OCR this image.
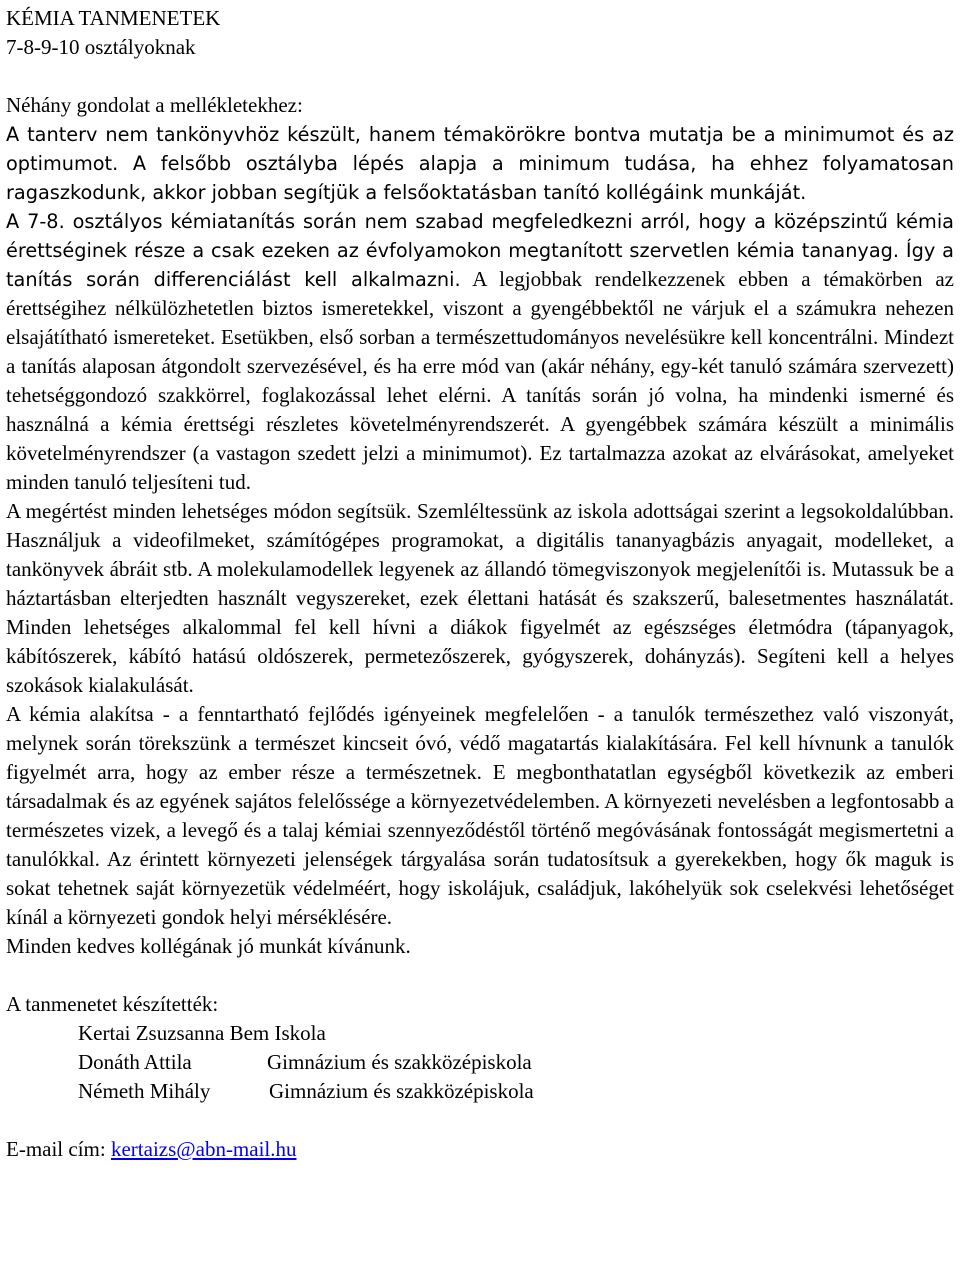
KÉMIA TANMENETEK
7-8-9-10 osztályoknak
Néhány gondolat a mellékletekhez:

A tanterv nem tankönyvhöz készült, hanem témakörökre bontva mutatja be a minimumot és az optimumot. A felsőbb osztályba lépés alapja a minimum tudása, ha ehhez folyamatosan ragaszkodunk, akkor jobban segítjük a felsőoktatásban tanító kollégáink munkáját.

A 7-8. osztályos kémiatanítás során nem szabad megfeledkezni arról, hogy a középszintű kémia érettséginek része a csak ezeken az évfolyamokon megtanított szervetlen kémia tananyag. Így a tanítás során differenciálást kell alkalmazni. A legjobbak rendelkezzenek ebben a témakörben az érettségihez nélkülözhetetlen biztos ismeretekkel, viszont a gyengébbektől ne várjuk el a számukra nehezen elsajátítható ismereteket. Esetükben, első sorban a természettudományos nevelésükre kell koncentrálni. Mindezt a tanítás alaposan átgondolt szervezésével, és ha erre mód van (akár néhány, egy-két tanuló számára szervezett) tehetséggondozó szakkörrel, foglakozással lehet elérni. A tanítás során jó volna, ha mindenki ismerné és használná a kémia érettségi részletes követelményrendszerét. A gyengébbek számára készült a minimális követelményrendszer (a vastagon szedett jelzi a minimumot). Ez tartalmazza azokat az elvárásokat, amelyeket minden tanuló teljesíteni tud.

A megértést minden lehetséges módon segítsük. Szemléltessünk az iskola adottságai szerint a legsokoldalúbban. Használjuk a videofilmeket, számítógépes programokat, a digitális tananyagbázis anyagait, modelleket, a tankönyvek ábráit stb. A molekulamodellek legyenek az állandó tömegviszonyok megjelenítői is. Mutassuk be a háztartásban elterjedten használt vegyszereket, ezek élettani hatását és szakszerű, balesetmentes használatát. Minden lehetséges alkalommal fel kell hívni a diákok figyelmét az egészséges életmódra (tápanyagok, kábítószerek, kábító hatású oldószerek, permetezőszerek, gyógyszerek, dohányzás). Segíteni kell a helyes szokások kialakulását.

A kémia alakítsa - a fenntartható fejlődés igényeinek megfelelően - a tanulók természethez való viszonyát, melynek során törekszünk a természet kincseit óvó, védő magatartás kialakítására. Fel kell hívnunk a tanulók figyelmét arra, hogy az ember része a természetnek. E megbonthatatlan egységből következik az emberi társadalmak és az egyének sajátos felelőssége a környezetvédelemben. A környezeti nevelésben a legfontosabb a természetes vizek, a levegő és a talaj kémiai szennyeződéstől történő megóvásának fontosságát megismertetni a tanulókkal. Az érintett környezeti jelenségek tárgyalása során tudatosítsuk a gyerekekben, hogy ők maguk is sokat tehetnek saját környezetük védelméért, hogy iskolájuk, családjuk, lakóhelyük sok cselekvési lehetőséget kínál a környezeti gondok helyi mérséklésére.

Minden kedves kollégának jó munkát kívánunk.

A tanmenetet készítették:
Kertai Zsuzsanna Bem Iskola
Donáth Attila	Gimnázium és szakközépiskola
Németh Mihály	Gimnázium és szakközépiskola
E-mail cím: kertaizs@abn-mail.hu
